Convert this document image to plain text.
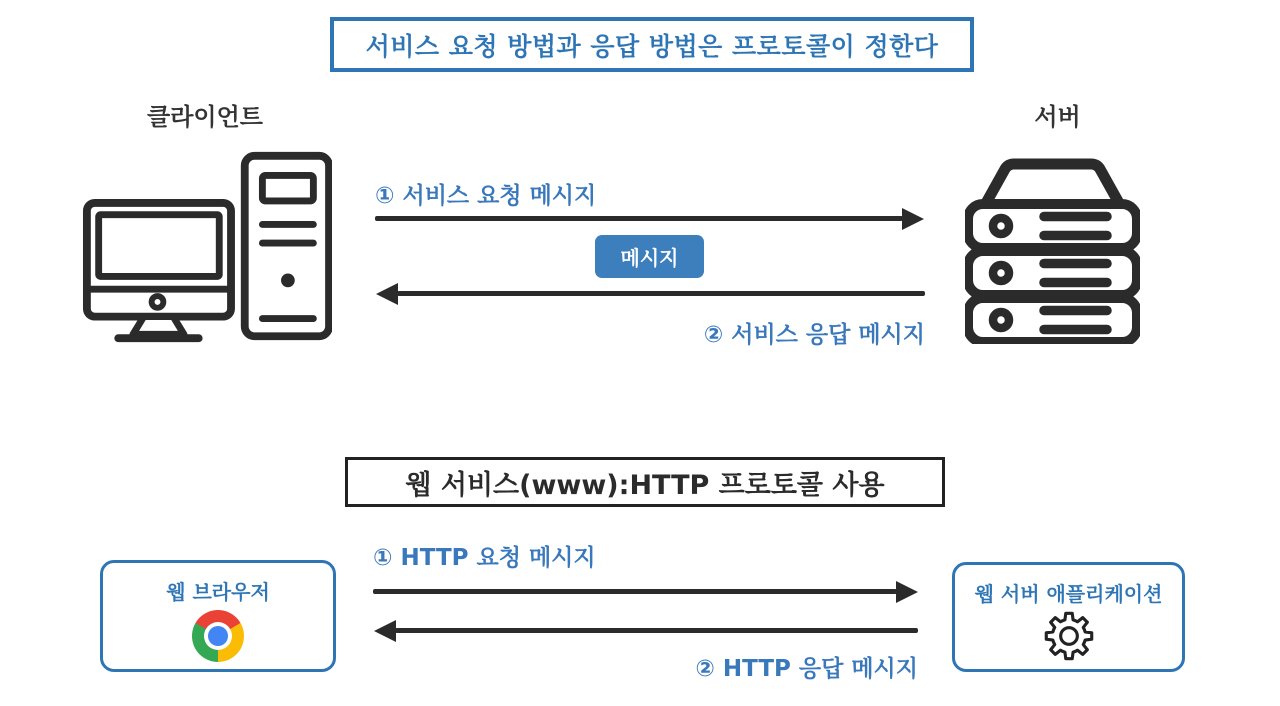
서비스 요청 방법과 응답 방법은 프로토콜이 정한다
클라이언트	서버
① 서비스 요청 메시지
메시지
② 서비스 응답 메시지
웹 서비스(www):HTTP 프로토콜 사용
웹 브라우저	웹 서버 애플리케이션
① HTTP 요청 메시지
② HTTP 응답 메시지
